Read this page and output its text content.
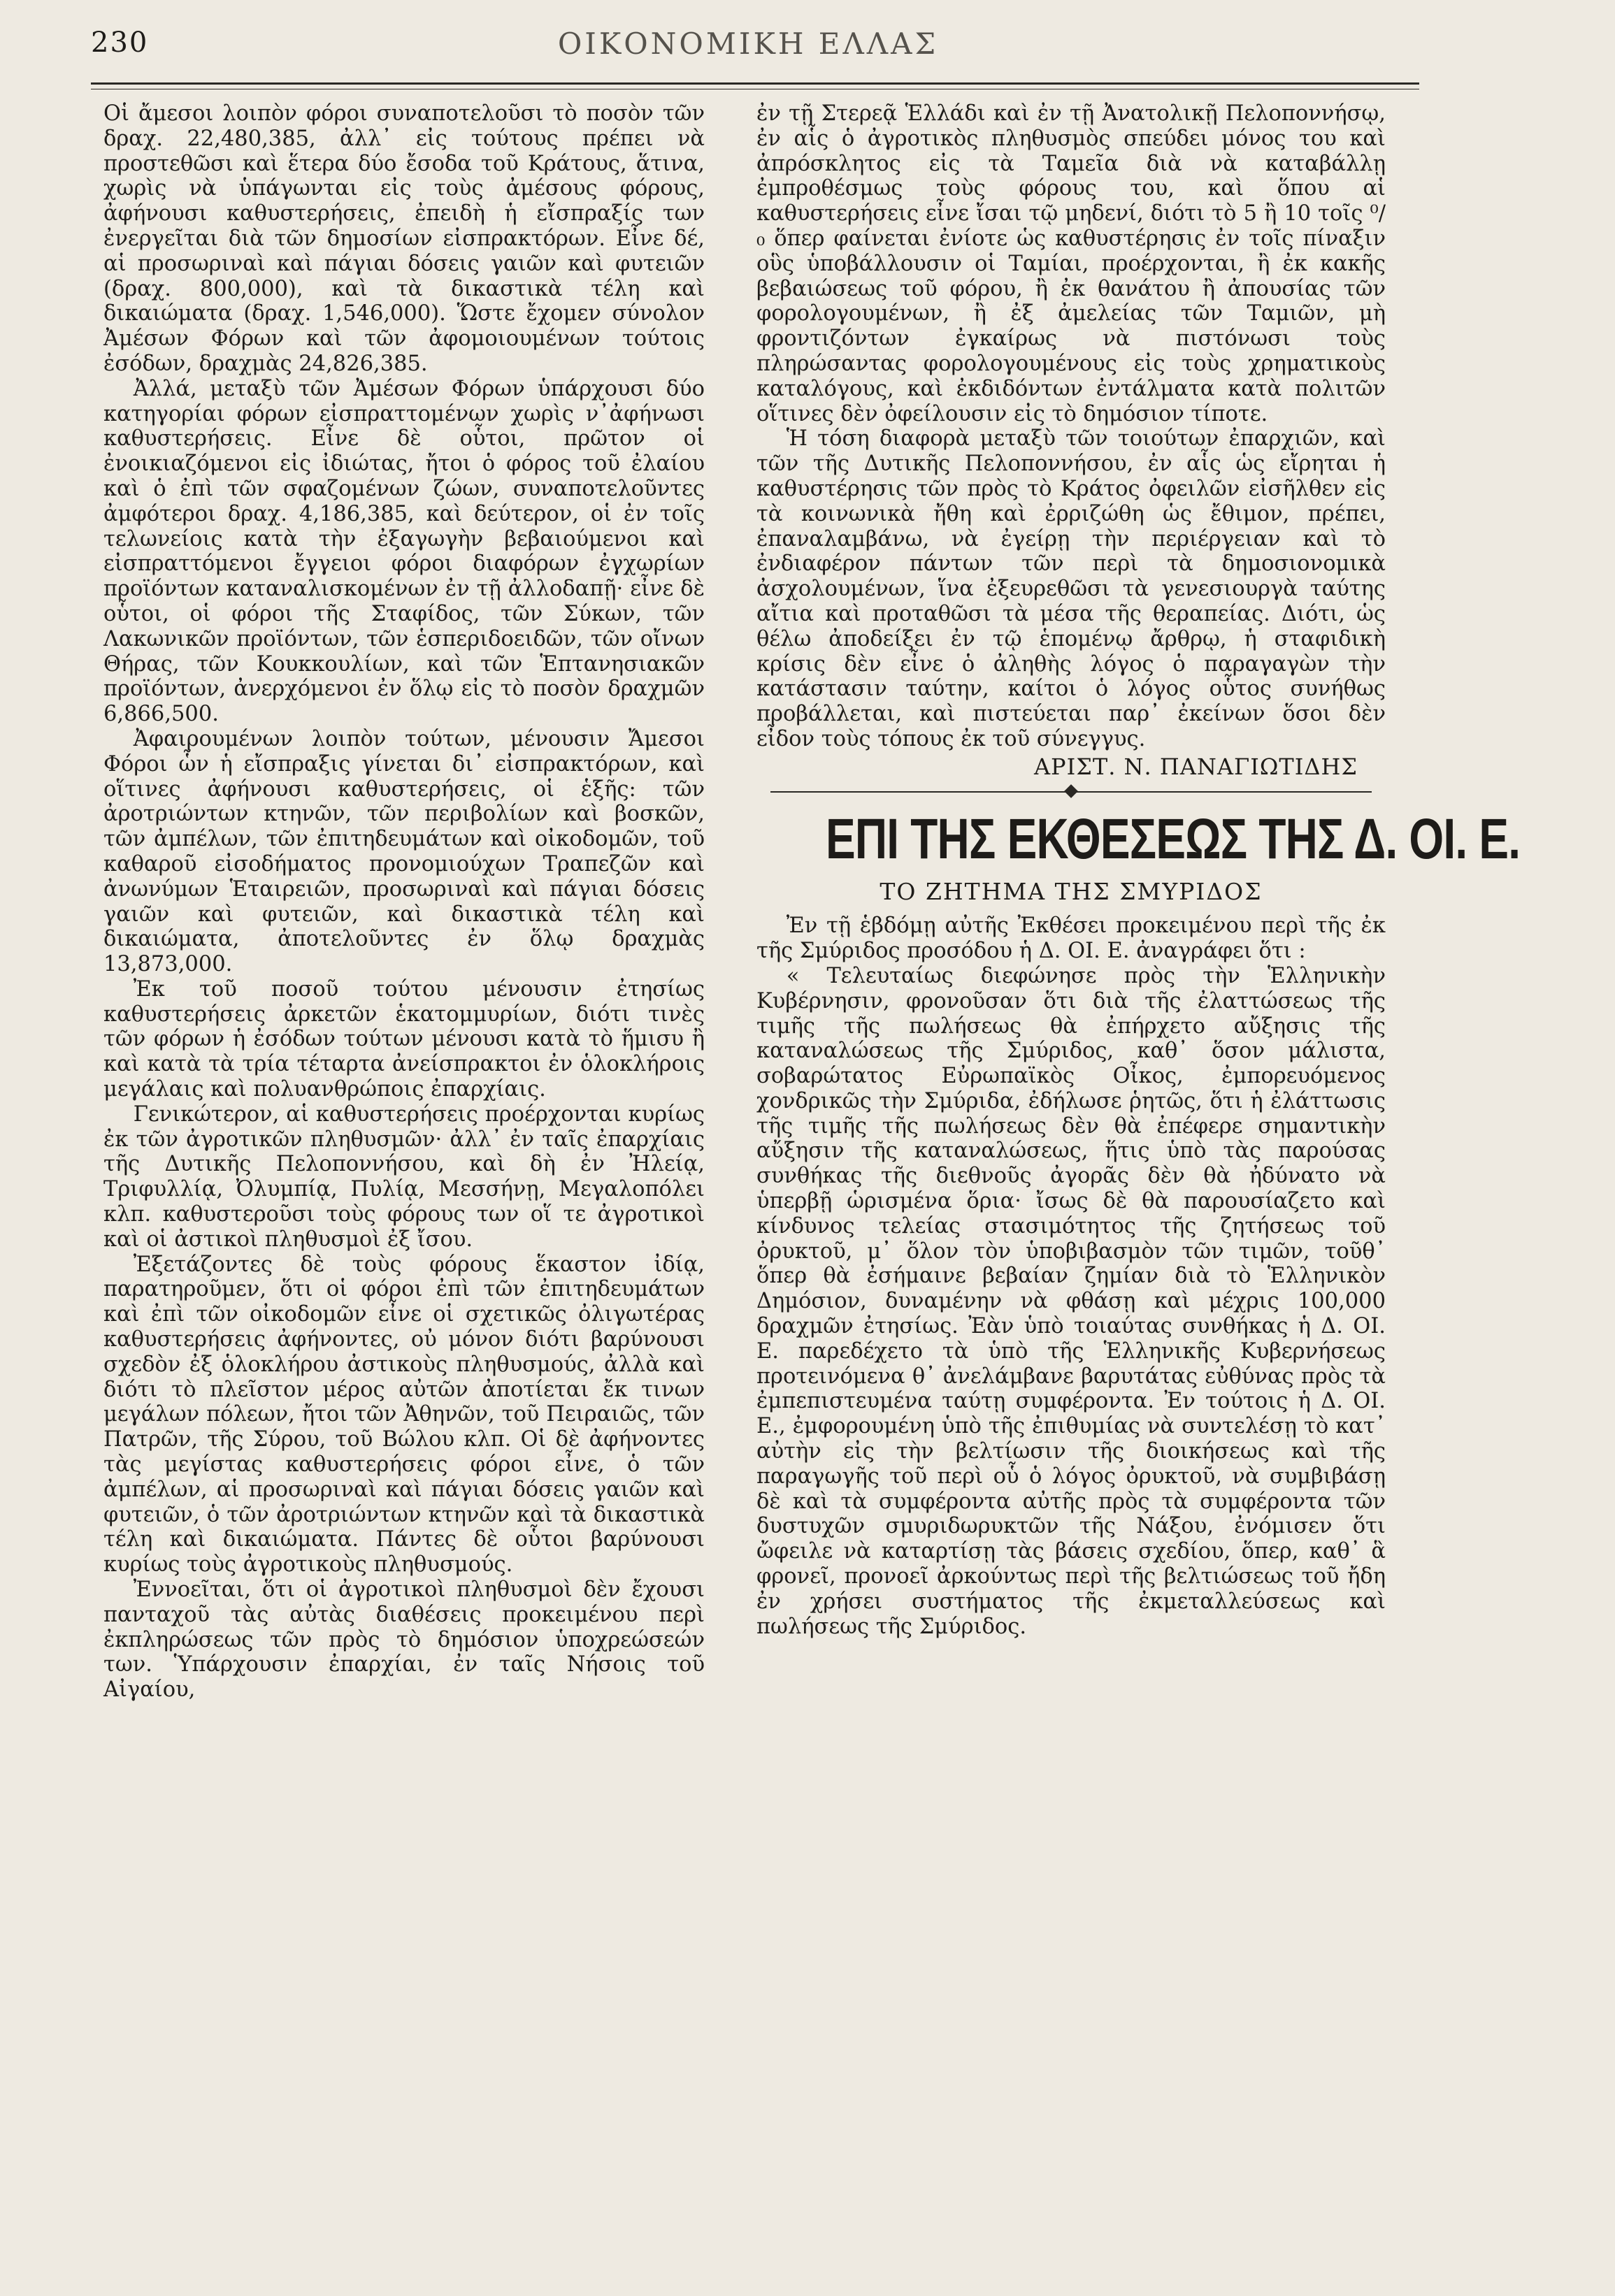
230	ΟΙΚΟΝΟΜΙΚΗ ΕΛΛΑΣ

Οἱ ἄμεσοι λοιπὸν φόροι συναποτελοῦσι τὸ ποσὸν τῶν δραχ. 22,480,385, ἀλλ᾽ εἰς τούτους πρέπει νὰ προστεθῶσι καὶ ἕτερα δύο ἔσοδα τοῦ Κράτους, ἅτινα, χωρὶς νὰ ὑπάγωνται εἰς τοὺς ἀμέσους φόρους, ἀφήνουσι καθυστερήσεις, ἐπειδὴ ἡ εἴσπραξίς των ἐνεργεῖται διὰ τῶν δημοσίων εἰσπρακτόρων. Εἶνε δέ, αἱ προσωριναὶ καὶ πάγιαι δόσεις γαιῶν καὶ φυτειῶν (δραχ. 800,000), καὶ τὰ δικαστικὰ τέλη καὶ δικαιώματα (δραχ. 1,546,000). Ὥστε ἔχομεν σύνολον Ἀμέσων Φόρων καὶ τῶν ἀφομοιουμένων τούτοις ἐσόδων, δραχμὰς 24,826,385.

Ἀλλά, μεταξὺ τῶν Ἀμέσων Φόρων ὑπάρχουσι δύο κατηγορίαι φόρων εἰσπραττομένων χωρὶς ν᾽ἀφήνωσι καθυστερήσεις. Εἶνε δὲ οὗτοι, πρῶτον οἱ ἐνοικιαζόμενοι εἰς ἰδιώτας, ἤτοι ὁ φόρος τοῦ ἐλαίου καὶ ὁ ἐπὶ τῶν σφαζομένων ζώων, συναποτελοῦντες ἀμφότεροι δραχ. 4,186,385, καὶ δεύτερον, οἱ ἐν τοῖς τελωνείοις κατὰ τὴν ἐξαγωγὴν βεβαιούμενοι καὶ εἰσπραττόμενοι ἔγγειοι φόροι διαφόρων ἐγχωρίων προϊόντων καταναλισκομένων ἐν τῇ ἀλλοδαπῇ· εἶνε δὲ οὗτοι, οἱ φόροι τῆς Σταφίδος, τῶν Σύκων, τῶν Λακωνικῶν προϊόντων, τῶν ἑσπεριδοειδῶν, τῶν οἴνων Θήρας, τῶν Κουκκουλίων, καὶ τῶν Ἑπτανησιακῶν προϊόντων, ἀνερχόμενοι ἐν ὅλῳ εἰς τὸ ποσὸν δραχμῶν 6,866,500.

Ἀφαιρουμένων λοιπὸν τούτων, μένουσιν Ἄμεσοι Φόροι ὧν ἡ εἴσπραξις γίνεται δι᾽ εἰσπρακτόρων, καὶ οἵτινες ἀφήνουσι καθυστερήσεις, οἱ ἑξῆς: τῶν ἀροτριώντων κτηνῶν, τῶν περιβολίων καὶ βοσκῶν, τῶν ἀμπέλων, τῶν ἐπιτηδευμάτων καὶ οἰκοδομῶν, τοῦ καθαροῦ εἰσοδήματος προνομιούχων Τραπεζῶν καὶ ἀνωνύμων Ἑταιρειῶν, προσωριναὶ καὶ πάγιαι δόσεις γαιῶν καὶ φυτειῶν, καὶ δικαστικὰ τέλη καὶ δικαιώματα, ἀποτελοῦντες ἐν ὅλῳ δραχμὰς 13,873,000.

Ἐκ τοῦ ποσοῦ τούτου μένουσιν ἐτησίως καθυστερήσεις ἀρκετῶν ἑκατομμυρίων, διότι τινὲς τῶν φόρων ἡ ἐσόδων τούτων μένουσι κατὰ τὸ ἥμισυ ἢ καὶ κατὰ τὰ τρία τέταρτα ἀνείσπρακτοι ἐν ὁλοκλήροις μεγάλαις καὶ πολυανθρώποις ἐπαρχίαις.

Γενικώτερον, αἱ καθυστερήσεις προέρχονται κυρίως ἐκ τῶν ἀγροτικῶν πληθυσμῶν· ἀλλ᾽ ἐν ταῖς ἐπαρχίαις τῆς Δυτικῆς Πελοποννήσου, καὶ δὴ ἐν Ἠλείᾳ, Τριφυλλίᾳ, Ὀλυμπίᾳ, Πυλίᾳ, Μεσσήνῃ, Μεγαλοπόλει κλπ. καθυστεροῦσι τοὺς φόρους των οἵ τε ἀγροτικοὶ καὶ οἱ ἀστικοὶ πληθυσμοὶ ἐξ ἴσου.

Ἐξετάζοντες δὲ τοὺς φόρους ἕκαστον ἰδίᾳ, παρατηροῦμεν, ὅτι οἱ φόροι ἐπὶ τῶν ἐπιτηδευμάτων καὶ ἐπὶ τῶν οἰκοδομῶν εἶνε οἱ σχετικῶς ὀλιγωτέρας καθυστερήσεις ἀφήνοντες, οὐ μόνον διότι βαρύνουσι σχεδὸν ἐξ ὁλοκλήρου ἀστικοὺς πληθυσμούς, ἀλλὰ καὶ διότι τὸ πλεῖστον μέρος αὐτῶν ἀποτίεται ἔκ τινων μεγάλων πόλεων, ἤτοι τῶν Ἀθηνῶν, τοῦ Πειραιῶς, τῶν Πατρῶν, τῆς Σύρου, τοῦ Βώλου κλπ. Οἱ δὲ ἀφήνοντες τὰς μεγίστας καθυστερήσεις φόροι εἶνε, ὁ τῶν ἀμπέλων, αἱ προσωριναὶ καὶ πάγιαι δόσεις γαιῶν καὶ φυτειῶν, ὁ τῶν ἀροτριώντων κτηνῶν καὶ τὰ δικαστικὰ τέλη καὶ δικαιώματα. Πάντες δὲ οὗτοι βαρύνουσι κυρίως τοὺς ἀγροτικοὺς πληθυσμούς.

Ἐννοεῖται, ὅτι οἱ ἀγροτικοὶ πληθυσμοὶ δὲν ἔχουσι πανταχοῦ τὰς αὐτὰς διαθέσεις προκειμένου περὶ ἐκπληρώσεως τῶν πρὸς τὸ δημόσιον ὑποχρεώσεών των. Ὑπάρχουσιν ἐπαρχίαι, ἐν ταῖς Νήσοις τοῦ Αἰγαίου,

ἐν τῇ Στερεᾷ Ἑλλάδι καὶ ἐν τῇ Ἀνατολικῇ Πελοποννήσῳ, ἐν αἷς ὁ ἀγροτικὸς πληθυσμὸς σπεύδει μόνος του καὶ ἀπρόσκλητος εἰς τὰ Ταμεῖα διὰ νὰ καταβάλλῃ ἐμπροθέσμως τοὺς φόρους του, καὶ ὅπου αἱ καθυστερήσεις εἶνε ἴσαι τῷ μηδενί, διότι τὸ 5 ἢ 10 τοῖς ⁰/₀ ὅπερ φαίνεται ἐνίοτε ὡς καθυστέρησις ἐν τοῖς πίναξιν οὓς ὑποβάλλουσιν οἱ Ταμίαι, προέρχονται, ἢ ἐκ κακῆς βεβαιώσεως τοῦ φόρου, ἢ ἐκ θανάτου ἢ ἀπουσίας τῶν φορολογουμένων, ἢ ἐξ ἀμελείας τῶν Ταμιῶν, μὴ φροντιζόντων ἐγκαίρως νὰ πιστόνωσι τοὺς πληρώσαντας φορολογουμένους εἰς τοὺς χρηματικοὺς καταλόγους, καὶ ἐκδιδόντων ἐντάλματα κατὰ πολιτῶν οἵτινες δὲν ὀφείλουσιν εἰς τὸ δημόσιον τίποτε.

Ἡ τόση διαφορὰ μεταξὺ τῶν τοιούτων ἐπαρχιῶν, καὶ τῶν τῆς Δυτικῆς Πελοποννήσου, ἐν αἷς ὡς εἴρηται ἡ καθυστέρησις τῶν πρὸς τὸ Κράτος ὀφειλῶν εἰσῆλθεν εἰς τὰ κοινωνικὰ ἤθη καὶ ἐρριζώθη ὡς ἔθιμον, πρέπει, ἐπαναλαμβάνω, νὰ ἐγείρῃ τὴν περιέργειαν καὶ τὸ ἐνδιαφέρον πάντων τῶν περὶ τὰ δημοσιονομικὰ ἀσχολουμένων, ἵνα ἐξευρεθῶσι τὰ γενεσιουργὰ ταύτης αἴτια καὶ προταθῶσι τὰ μέσα τῆς θεραπείας. Διότι, ὡς θέλω ἀποδείξει ἐν τῷ ἑπομένῳ ἄρθρῳ, ἡ σταφιδικὴ κρίσις δὲν εἶνε ὁ ἀληθὴς λόγος ὁ παραγαγὼν τὴν κατάστασιν ταύτην, καίτοι ὁ λόγος οὗτος συνήθως προβάλλεται, καὶ πιστεύεται παρ᾽ ἐκείνων ὅσοι δὲν εἶδον τοὺς τόπους ἐκ τοῦ σύνεγγυς.

ΑΡΙΣΤ. Ν. ΠΑΝΑΓΙΩΤΙΔΗΣ
ΕΠΙ ΤΗΣ ΕΚΘΕΣΕΩΣ ΤΗΣ Δ. ΟΙ. Ε.
ΤΟ ΖΗΤΗΜΑ ΤΗΣ ΣΜΥΡΙΔΟΣ

Ἐν τῇ ἑβδόμῃ αὐτῆς Ἐκθέσει προκειμένου περὶ τῆς ἐκ τῆς Σμύριδος προσόδου ἡ Δ. ΟΙ. Ε. ἀναγράφει ὅτι :

« Τελευταίως διεφώνησε πρὸς τὴν Ἑλληνικὴν Κυβέρνησιν, φρονοῦσαν ὅτι διὰ τῆς ἐλαττώσεως τῆς τιμῆς τῆς πωλήσεως θὰ ἐπήρχετο αὔξησις τῆς καταναλώσεως τῆς Σμύριδος, καθ᾽ ὅσον μάλιστα, σοβαρώτατος Εὐρωπαϊκὸς Οἶκος, ἐμπορευόμενος χονδρικῶς τὴν Σμύριδα, ἐδήλωσε ῥητῶς, ὅτι ἡ ἐλάττωσις τῆς τιμῆς τῆς πωλήσεως δὲν θὰ ἐπέφερε σημαντικὴν αὔξησιν τῆς καταναλώσεως, ἥτις ὑπὸ τὰς παρούσας συνθήκας τῆς διεθνοῦς ἀγορᾶς δὲν θὰ ἠδύνατο νὰ ὑπερβῇ ὡρισμένα ὅρια· ἴσως δὲ θὰ παρουσίαζετο καὶ κίνδυνος τελείας στασιμότητος τῆς ζητήσεως τοῦ ὀρυκτοῦ, μ᾽ ὅλον τὸν ὑποβιβασμὸν τῶν τιμῶν, τοῦθ᾽ ὅπερ θὰ ἐσήμαινε βεβαίαν ζημίαν διὰ τὸ Ἑλληνικὸν Δημόσιον, δυναμένην νὰ φθάσῃ καὶ μέχρις 100,000 δραχμῶν ἐτησίως. Ἐὰν ὑπὸ τοιαύτας συνθήκας ἡ Δ. ΟΙ. Ε. παρεδέχετο τὰ ὑπὸ τῆς Ἑλληνικῆς Κυβερνήσεως προτεινόμενα θ᾽ ἀνελάμβανε βαρυτάτας εὐθύνας πρὸς τὰ ἐμπεπιστευμένα ταύτῃ συμφέροντα. Ἐν τούτοις ἡ Δ. ΟΙ. Ε., ἐμφορουμένη ὑπὸ τῆς ἐπιθυμίας νὰ συντελέσῃ τὸ κατ᾽ αὐτὴν εἰς τὴν βελτίωσιν τῆς διοικήσεως καὶ τῆς παραγωγῆς τοῦ περὶ οὗ ὁ λόγος ὀρυκτοῦ, νὰ συμβιβάσῃ δὲ καὶ τὰ συμφέροντα αὐτῆς πρὸς τὰ συμφέροντα τῶν δυστυχῶν σμυριδωρυκτῶν τῆς Νάξου, ἐνόμισεν ὅτι ὤφειλε νὰ καταρτίσῃ τὰς βάσεις σχεδίου, ὅπερ, καθ᾽ ἃ φρονεῖ, προνοεῖ ἀρκούντως περὶ τῆς βελτιώσεως τοῦ ἤδη ἐν χρήσει συστήματος τῆς ἐκμεταλλεύσεως καὶ πωλήσεως τῆς Σμύριδος.
